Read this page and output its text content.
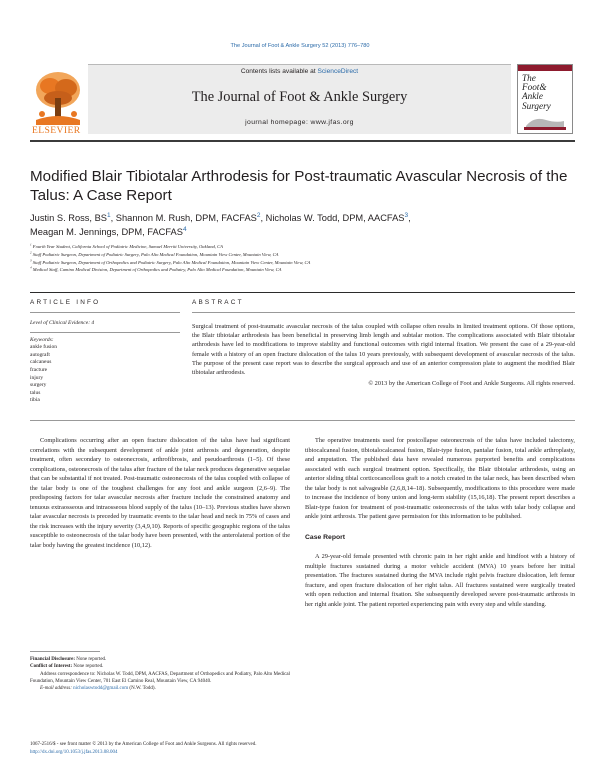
The Journal of Foot & Ankle Surgery 52 (2013) 776–780
Contents lists available at ScienceDirect
The Journal of Foot & Ankle Surgery
journal homepage: www.jfas.org
ELSEVIER
The
Foot&
Ankle
Surgery
Modified Blair Tibiotalar Arthrodesis for Post-traumatic Avascular Necrosis of the Talus: A Case Report
Justin S. Ross, $BS^1$, Shannon M. Rush, DPM, FACFAS$^2$, Nicholas W. Todd, DPM, AACFAS$^3$,
Meagan M. Jennings, DPM, FACFAS$^4$
$^1$ Fourth Year Student, California School of Podiatric Medicine, Samuel Merritt University, Oakland, CA
$^2$ Staff Podiatric Surgeon, Department of Podiatric Surgery, Palo Alto Medical Foundation, Mountain View Center, Mountain View, CA
$^3$ Staff Podiatric Surgeon, Department of Orthopedics and Podiatric Surgery, Palo Alto Medical Foundation, Mountain View Center, Mountain View, CA
$^4$ Medical Staff, Camino Medical Division, Department of Orthopedics and Podiatry, Palo Alto Medical Foundation, Mountain View, CA
ARTICLE INFO	ABSTRACT
Level of Clinical Evidence: 4
Keywords:
ankle fusion
autograft
calcaneus
fracture
injury
surgery
talus
tibia
Surgical treatment of post-traumatic avascular necrosis of the talus coupled with collapse often results in limited treatment options. Of those options, the Blair tibiotalar arthrodesis has been beneficial in preserving limb length and subtalar motion. The complications associated with Blair tibiotalar arthrodesis have led to modifications to improve stability and functional outcomes with rigid internal fixation. We present the case of a 29-year-old female with a history of an open fracture dislocation of the talus 10 years previously, with subsequent development of avascular necrosis of the talus. The purpose of the present case report was to describe the surgical approach and use of an anterior compression plate to augment the modified Blair tibiotalar arthrodesis.
© 2013 by the American College of Foot and Ankle Surgeons. All rights reserved.

Complications occurring after an open fracture dislocation of the talus have had significant correlations with the subsequent development of ankle joint arthrosis and degeneration, despite treatment, often secondary to osteonecrosis, arthrofibrosis, and pseudoarthrosis (1–5). Of these complications, osteonecrosis of the talus after fracture of the talar neck produces degenerative sequelae that can be substantial if not treated. Post-traumatic osteonecrosis of the talus coupled with collapse of the talar body is one of the toughest challenges for any foot and ankle surgeon (2,6–9). The predisposing factors for talar avascular necrosis after fracture include the constrained anatomy and tenuous extraosseous and intraosseous blood supply of the talus (10–13). Previous studies have shown talar avascular necrosis is preceded by traumatic events to the talar head and neck in 75% of cases and the risk increases with the injury severity (3,4,9,10). Reports of specific geographic regions of the talus susceptible to osteonecrosis of the talar body have been presented, with the anterolateral portion of the talar body having the greatest incidence (10,12).

The operative treatments used for postcollapse osteonecrosis of the talus have included talectomy, tibiocalcaneal fusion, tibiotalocalcaneal fusion, Blair-type fusion, pantalar fusion, total ankle arthroplasty, and amputation. The published data have revealed numerous purported benefits and complications associated with each surgical treatment option. Specifically, the Blair tibiotalar arthrodesis, using an anterior sliding tibial corticocancellous graft to a notch created in the talar neck, has been described when the talar body is not salvageable (2,6,8,14–18). Subsequently, modifications to this procedure were made to increase the incidence of bony union and long-term stability (15,16,18). The present report describes a Blair-type fusion for treatment of post-traumatic osteonecrosis of the talus with talar body collapse and ankle joint arthrosis. The patient gave permission for this information to be published.

Case Report

A 29-year-old female presented with chronic pain in her right ankle and hindfoot with a history of multiple fractures sustained during a motor vehicle accident (MVA) 10 years before her initial presentation. The fractures sustained during the MVA include right pelvis fracture dislocation, left femur fracture, and open fracture dislocation of her right talus. All fractures sustained were surgically treated with open reduction and internal fixation. She subsequently developed severe post-traumatic arthrosis in her right ankle joint. The patient reported experiencing pain with every step and while standing.

Financial Disclosure: None reported.
Conflict of Interest: None reported.
Address correspondence to: Nicholas W. Todd, DPM, AACFAS, Department of Orthopedics and Podiatry, Palo Alto Medical Foundation, Mountain View Center, 701 East El Camino Real, Mountain View, CA 94040.
E-mail address: nicholaswtodd@gmail.com (N.W. Todd).
1067-2516/$ - see front matter © 2013 by the American College of Foot and Ankle Surgeons. All rights reserved.
http://dx.doi.org/10.1053/j.jfas.2013.08.004
